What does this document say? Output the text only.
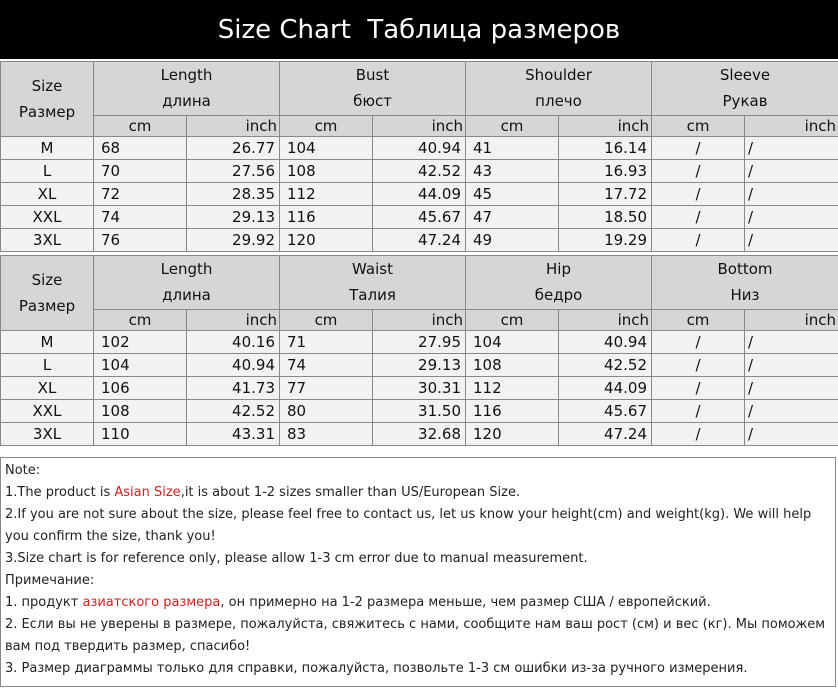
Size Chart  Таблица размеров
Size
Размер	Length
длина		Bust
бюст		Shoulder
плечо		Sleeve
Рукав	
	cm	inch	cm	inch	cm	inch	cm	inch
M	68	26.77	104	40.94	41	16.14	/	/
L	70	27.56	108	42.52	43	16.93	/	/
XL	72	28.35	112	44.09	45	17.72	/	/
XXL	74	29.13	116	45.67	47	18.50	/	/
3XL	76	29.92	120	47.24	49	19.29	/	/
Size
Размер	Length
длина		Waist
Талия		Hip
бедро		Bottom
Низ	
	cm	inch	cm	inch	cm	inch	cm	inch
M	102	40.16	71	27.95	104	40.94	/	/
L	104	40.94	74	29.13	108	42.52	/	/
XL	106	41.73	77	30.31	112	44.09	/	/
XXL	108	42.52	80	31.50	116	45.67	/	/
3XL	110	43.31	83	32.68	120	47.24	/	/

Note:

1.The product is Asian Size,it is about 1-2 sizes smaller than US/European Size.

2.If you are not sure about the size, please feel free to contact us, let us know your height(cm) and weight(kg). We will help you confirm the size, thank you!

3.Size chart is for reference only, please allow 1-3 cm error due to manual measurement.

Примечание:

1. продукт азиатского размера, он примерно на 1-2 размера меньше, чем размер США / европейский.

2. Если вы не уверены в размере, пожалуйста, свяжитесь с нами, сообщите нам ваш рост (см) и вес (кг). Мы поможем вам под твердить размер, спасибо!

3. Размер диаграммы только для справки, пожалуйста, позвольте 1-3 см ошибки из-за ручного измерения.
